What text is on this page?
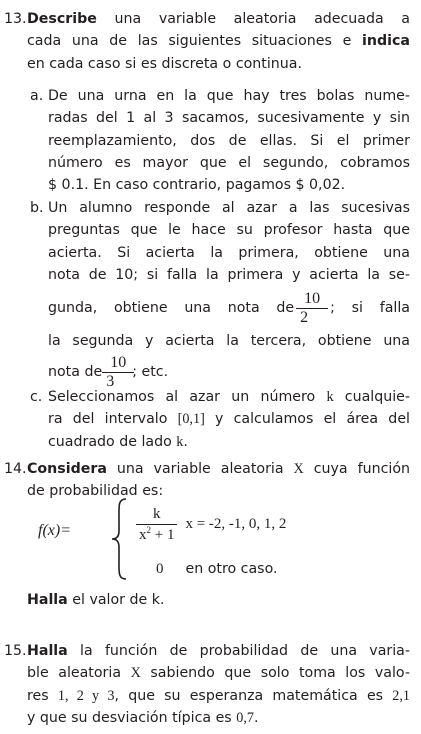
13. Describe una variable aleatoria adecuada a
cada una de las siguientes situaciones e indica
en cada caso si es discreta o continua.
a. De una urna en la que hay tres bolas nume-
radas del 1 al 3 sacamos, sucesivamente y sin
reemplazamiento, dos de ellas. Si el primer
número es mayor que el segundo, cobramos
$ 0.1. En caso contrario, pagamos $ 0,02.
b. Un alumno responde al azar a las sucesivas
preguntas que le hace su profesor hasta que
acierta. Si acierta la primera, obtiene una
nota de 10; si falla la primera y acierta la se-
gunda, obtiene una nota de $\frac{10}{2}$ ; si falla
la segunda y acierta la tercera, obtiene una
nota de $\frac{10}{3}$ ; etc.
c. Seleccionamos al azar un número k cualquie-
ra del intervalo [0,1] y calculamos el área del
cuadrado de lado k.
14. Considera una variable aleatoria X cuya función
de probabilidad es:
f(x)=
k
$x^2 + 1$
x = -2, -1, 0, 1, 2
0 en otro caso.
Halla el valor de k.
15. Halla la función de probabilidad de una varia-
ble aleatoria X sabiendo que solo toma los valo-
res 1, 2 y 3, que su esperanza matemática es 2,1
y que su desviación típica es 0,7.
